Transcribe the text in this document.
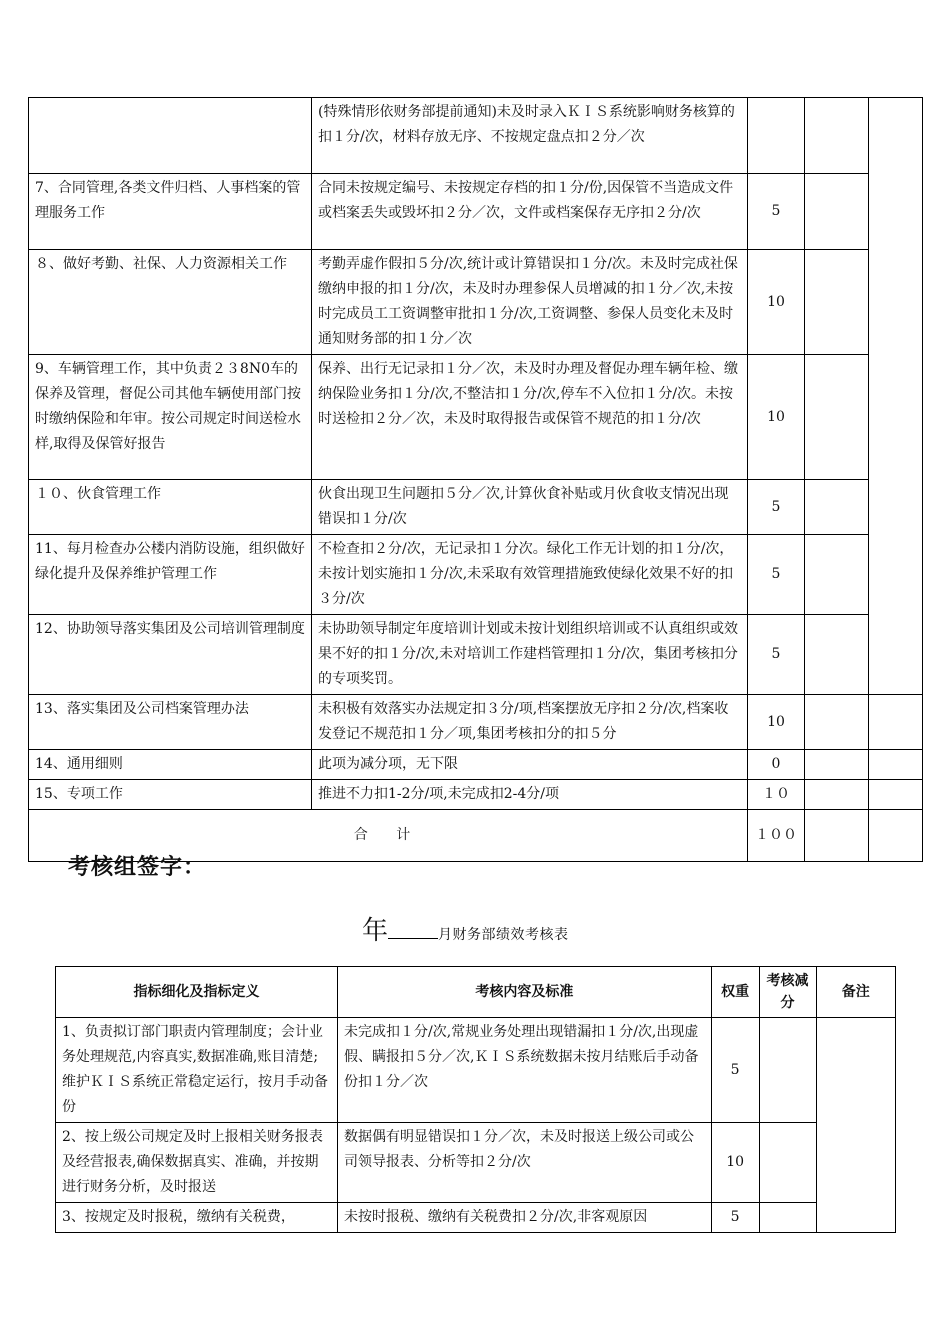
	(特殊情形依财务部提前通知)未及时录入ＫＩＳ系统影响财务核算的扣１分/次，材料存放无序、不按规定盘点扣２分／次			
7、合同管理,各类文件归档、人事档案的管理服务工作	合同未按规定编号、未按规定存档的扣１分/份,因保管不当造成文件或档案丢失或毁坏扣２分／次，文件或档案保存无序扣２分/次	5		
８、做好考勤、社保、人力资源相关工作	考勤弄虚作假扣５分/次,统计或计算错误扣１分/次。未及时完成社保缴纳申报的扣１分/次，未及时办理参保人员增减的扣１分／次,未按时完成员工工资调整审批扣１分/次,工资调整、参保人员变化未及时通知财务部的扣１分／次	10		
9、车辆管理工作，其中负责２３8N0车的保养及管理，督促公司其他车辆使用部门按时缴纳保险和年审。按公司规定时间送检水样,取得及保管好报告	保养、出行无记录扣１分／次，未及时办理及督促办理车辆年检、缴纳保险业务扣１分/次,不整洁扣１分/次,停车不入位扣１分/次。未按时送检扣２分／次，未及时取得报告或保管不规范的扣１分/次	10		
１０、伙食管理工作	伙食出现卫生问题扣５分／次,计算伙食补贴或月伙食收支情况出现错误扣１分/次	5		
11、每月检查办公楼内消防设施，组织做好绿化提升及保养维护管理工作	不检查扣２分/次，无记录扣１分次。绿化工作无计划的扣１分/次，未按计划实施扣１分/次,未采取有效管理措施致使绿化效果不好的扣３分/次	5		
12、协助领导落实集团及公司培训管理制度	未协助领导制定年度培训计划或未按计划组织培训或不认真组织或效果不好的扣１分/次,未对培训工作建档管理扣１分/次，集团考核扣分的专项奖罚。	5		
13、落实集团及公司档案管理办法	未积极有效落实办法规定扣３分/项,档案摆放无序扣２分/次,档案收发登记不规范扣１分／项,集团考核扣分的扣５分	10		
14、通用细则	此项为减分项，无下限	0		
15、专项工作	推进不力扣1-2分/项,未完成扣2-4分/项	１０		
合 计		１００		
考核组签字：
年	月财务部绩效考核表
指标细化及指标定义	考核内容及标准	权重	考核减分	备注
1、负责拟订部门职责内管理制度；会计业务处理规范,内容真实,数据准确,账目清楚;维护ＫＩＳ系统正常稳定运行，按月手动备份	未完成扣１分/次,常规业务处理出现错漏扣１分/次,出现虚假、瞒报扣５分／次,ＫＩＳ系统数据未按月结账后手动备份扣１分／次	5		
2、按上级公司规定及时上报相关财务报表及经营报表,确保数据真实、准确，并按期进行财务分析，及时报送	数据偶有明显错误扣１分／次，未及时报送上级公司或公司领导报表、分析等扣２分/次	10		
3、按规定及时报税，缴纳有关税费，	未按时报税、缴纳有关税费扣２分/次,非客观原因	5		
